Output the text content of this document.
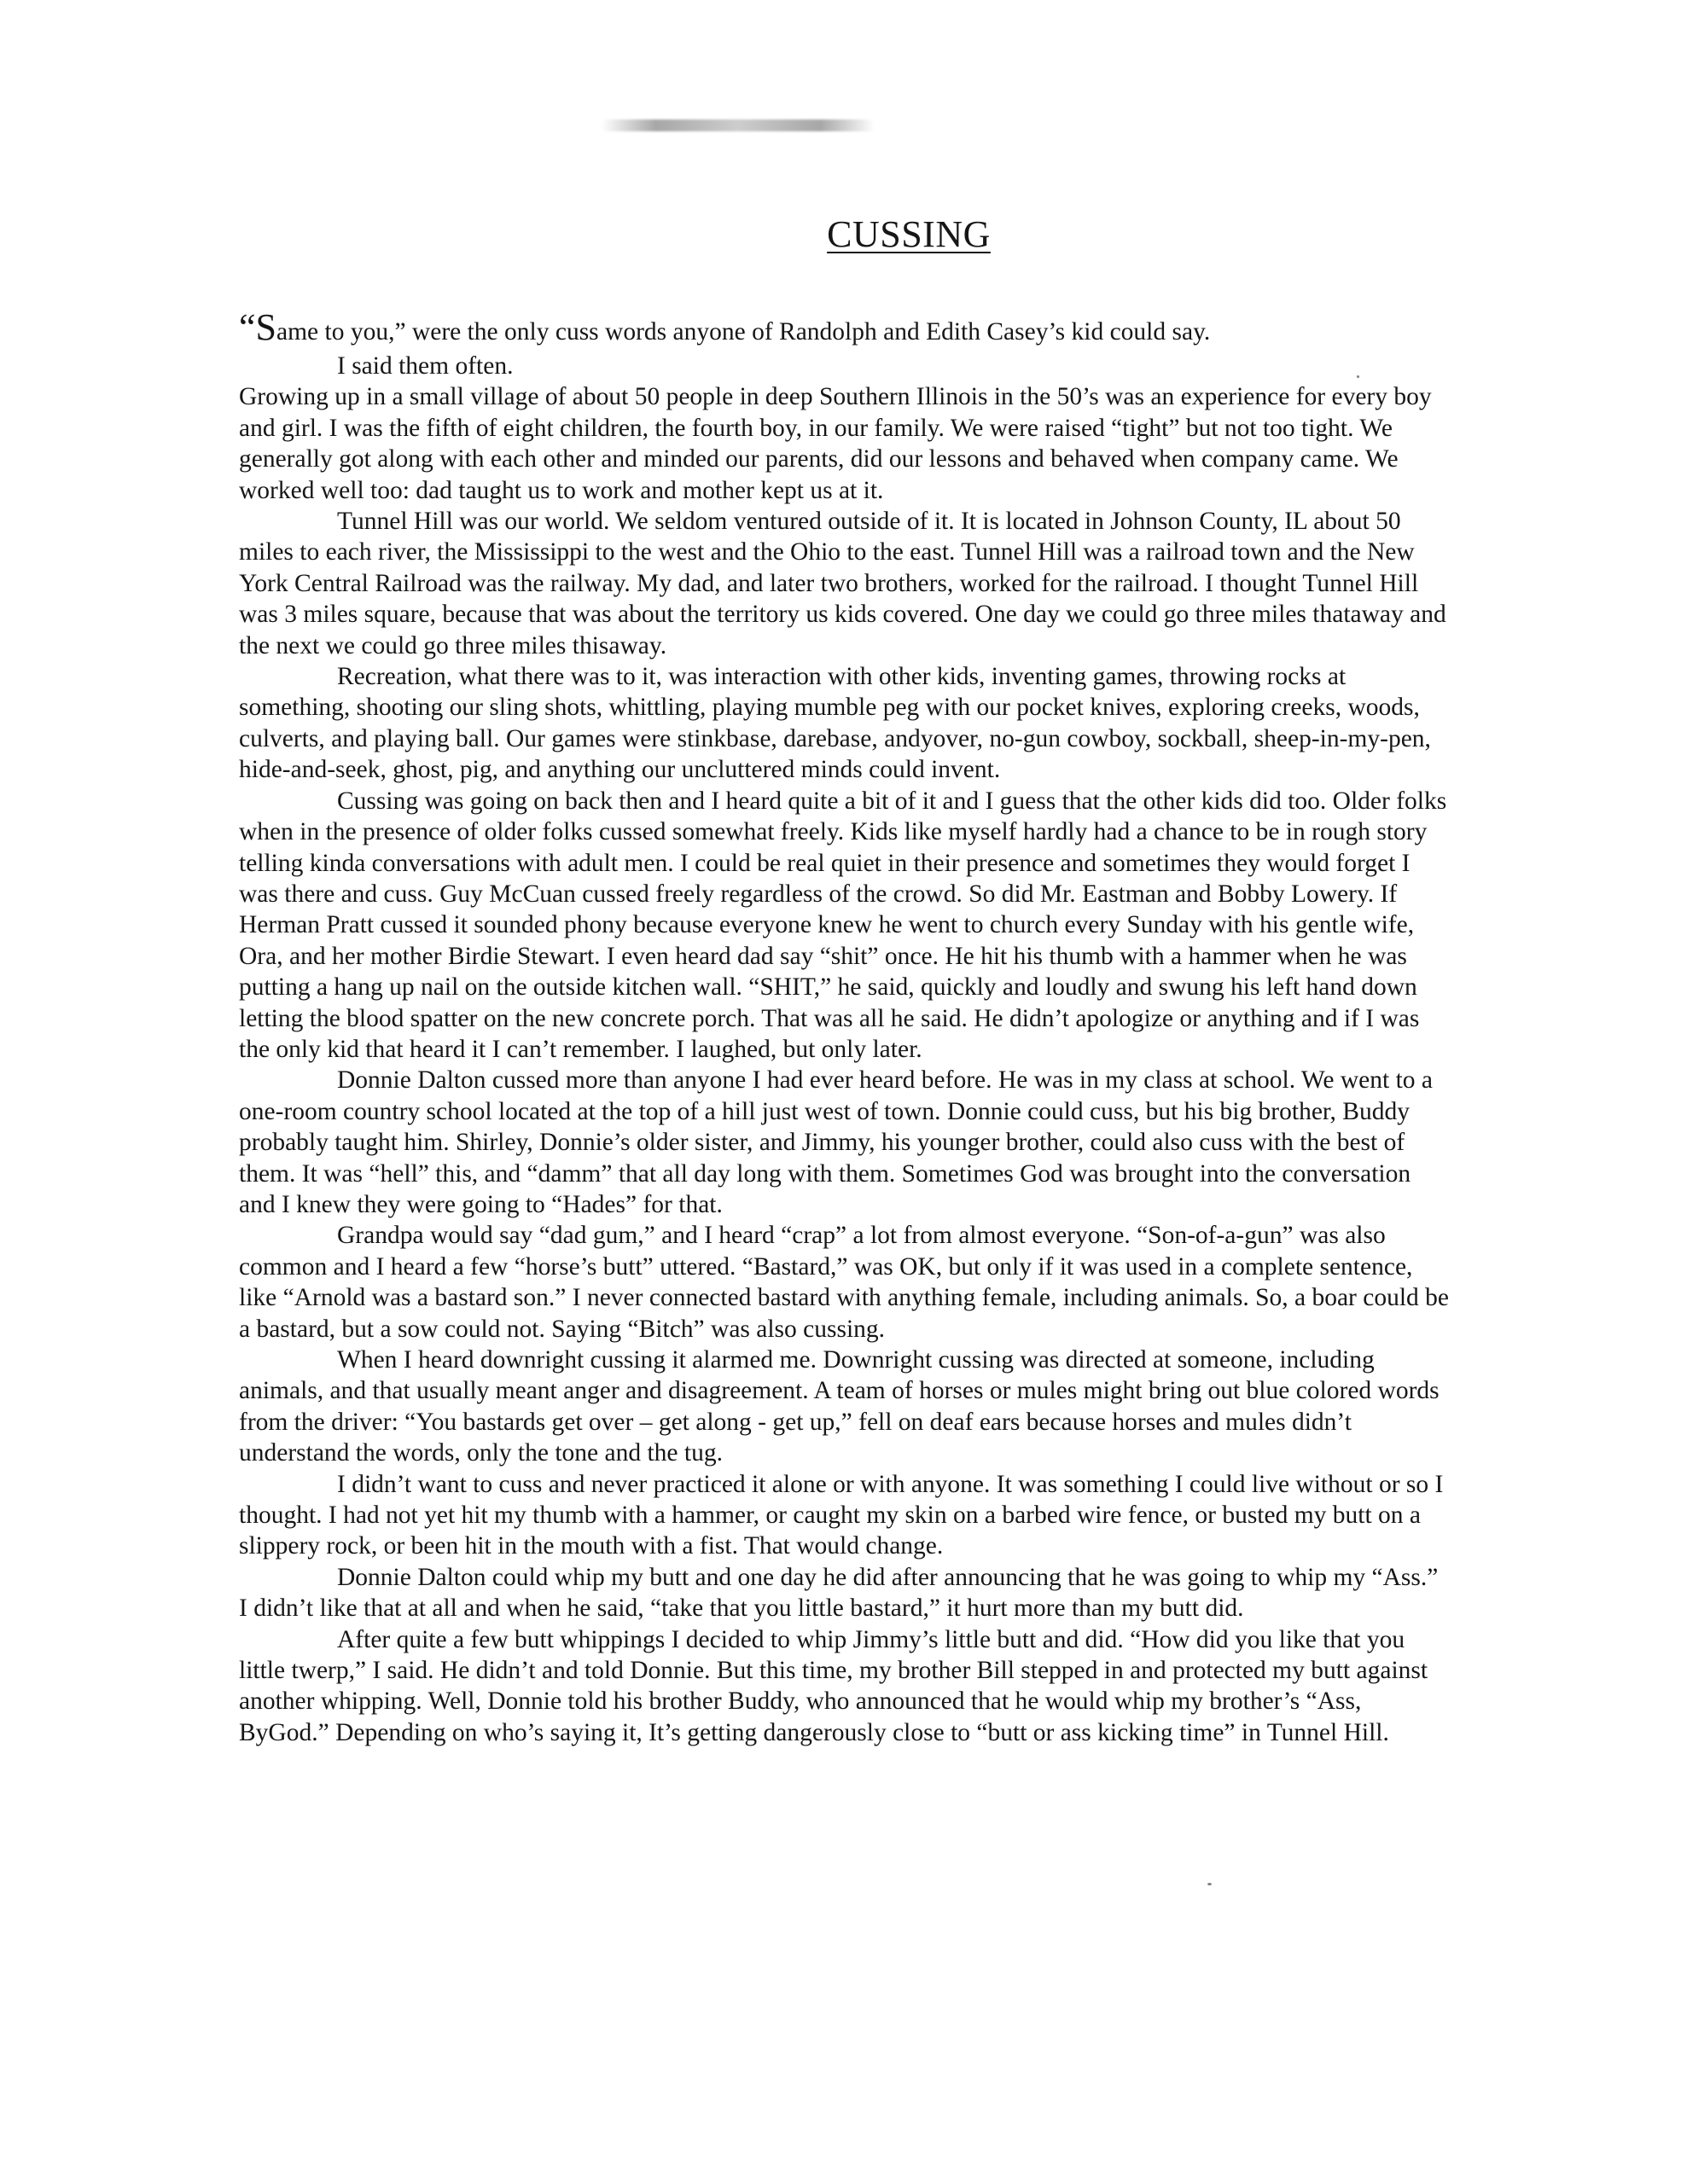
CUSSING

“Same to you,” were the only cuss words anyone of Randolph and Edith Casey’s kid could say.

I said them often.

Growing up in a small village of about 50 people in deep Southern Illinois in the 50’s was an experience for every boy and girl. I was the fifth of eight children, the fourth boy, in our family. We were raised “tight” but not too tight. We generally got along with each other and minded our parents, did our lessons and behaved when company came. We worked well too: dad taught us to work and mother kept us at it.

Tunnel Hill was our world. We seldom ventured outside of it. It is located in Johnson County, IL about 50 miles to each river, the Mississippi to the west and the Ohio to the east. Tunnel Hill was a railroad town and the New York Central Railroad was the railway. My dad, and later two brothers, worked for the railroad. I thought Tunnel Hill was 3 miles square, because that was about the territory us kids covered. One day we could go three miles thataway and the next we could go three miles thisaway.

Recreation, what there was to it, was interaction with other kids, inventing games, throwing rocks at something, shooting our sling shots, whittling, playing mumble peg with our pocket knives, exploring creeks, woods, culverts, and playing ball. Our games were stinkbase, darebase, andyover, no-gun cowboy, sockball, sheep-in-my-pen, hide-and-seek, ghost, pig, and anything our uncluttered minds could invent.

Cussing was going on back then and I heard quite a bit of it and I guess that the other kids did too. Older folks when in the presence of older folks cussed somewhat freely. Kids like myself hardly had a chance to be in rough story telling kinda conversations with adult men. I could be real quiet in their presence and sometimes they would forget I was there and cuss. Guy McCuan cussed freely regardless of the crowd. So did Mr. Eastman and Bobby Lowery. If Herman Pratt cussed it sounded phony because everyone knew he went to church every Sunday with his gentle wife, Ora, and her mother Birdie Stewart. I even heard dad say “shit” once. He hit his thumb with a hammer when he was putting a hang up nail on the outside kitchen wall. “SHIT,” he said, quickly and loudly and swung his left hand down letting the blood spatter on the new concrete porch. That was all he said. He didn’t apologize or anything and if I was the only kid that heard it I can’t remember. I laughed, but only later.

Donnie Dalton cussed more than anyone I had ever heard before. He was in my class at school. We went to a one-room country school located at the top of a hill just west of town. Donnie could cuss, but his big brother, Buddy probably taught him. Shirley, Donnie’s older sister, and Jimmy, his younger brother, could also cuss with the best of them. It was “hell” this, and “damm” that all day long with them. Sometimes God was brought into the conversation and I knew they were going to “Hades” for that.

Grandpa would say “dad gum,” and I heard “crap” a lot from almost everyone. “Son-of-a-gun” was also common and I heard a few “horse’s butt” uttered. “Bastard,” was OK, but only if it was used in a complete sentence, like “Arnold was a bastard son.” I never connected bastard with anything female, including animals. So, a boar could be a bastard, but a sow could not. Saying “Bitch” was also cussing.

When I heard downright cussing it alarmed me. Downright cussing was directed at someone, including animals, and that usually meant anger and disagreement. A team of horses or mules might bring out blue colored words from the driver: “You bastards get over – get along - get up,” fell on deaf ears because horses and mules didn’t understand the words, only the tone and the tug.

I didn’t want to cuss and never practiced it alone or with anyone. It was something I could live without or so I thought. I had not yet hit my thumb with a hammer, or caught my skin on a barbed wire fence, or busted my butt on a slippery rock, or been hit in the mouth with a fist. That would change.

Donnie Dalton could whip my butt and one day he did after announcing that he was going to whip my “Ass.” I didn’t like that at all and when he said, “take that you little bastard,” it hurt more than my butt did.

After quite a few butt whippings I decided to whip Jimmy’s little butt and did. “How did you like that you little twerp,” I said. He didn’t and told Donnie. But this time, my brother Bill stepped in and protected my butt against another whipping. Well, Donnie told his brother Buddy, who announced that he would whip my brother’s “Ass, ByGod.” Depending on who’s saying it, It’s getting dangerously close to “butt or ass kicking time” in Tunnel Hill.
